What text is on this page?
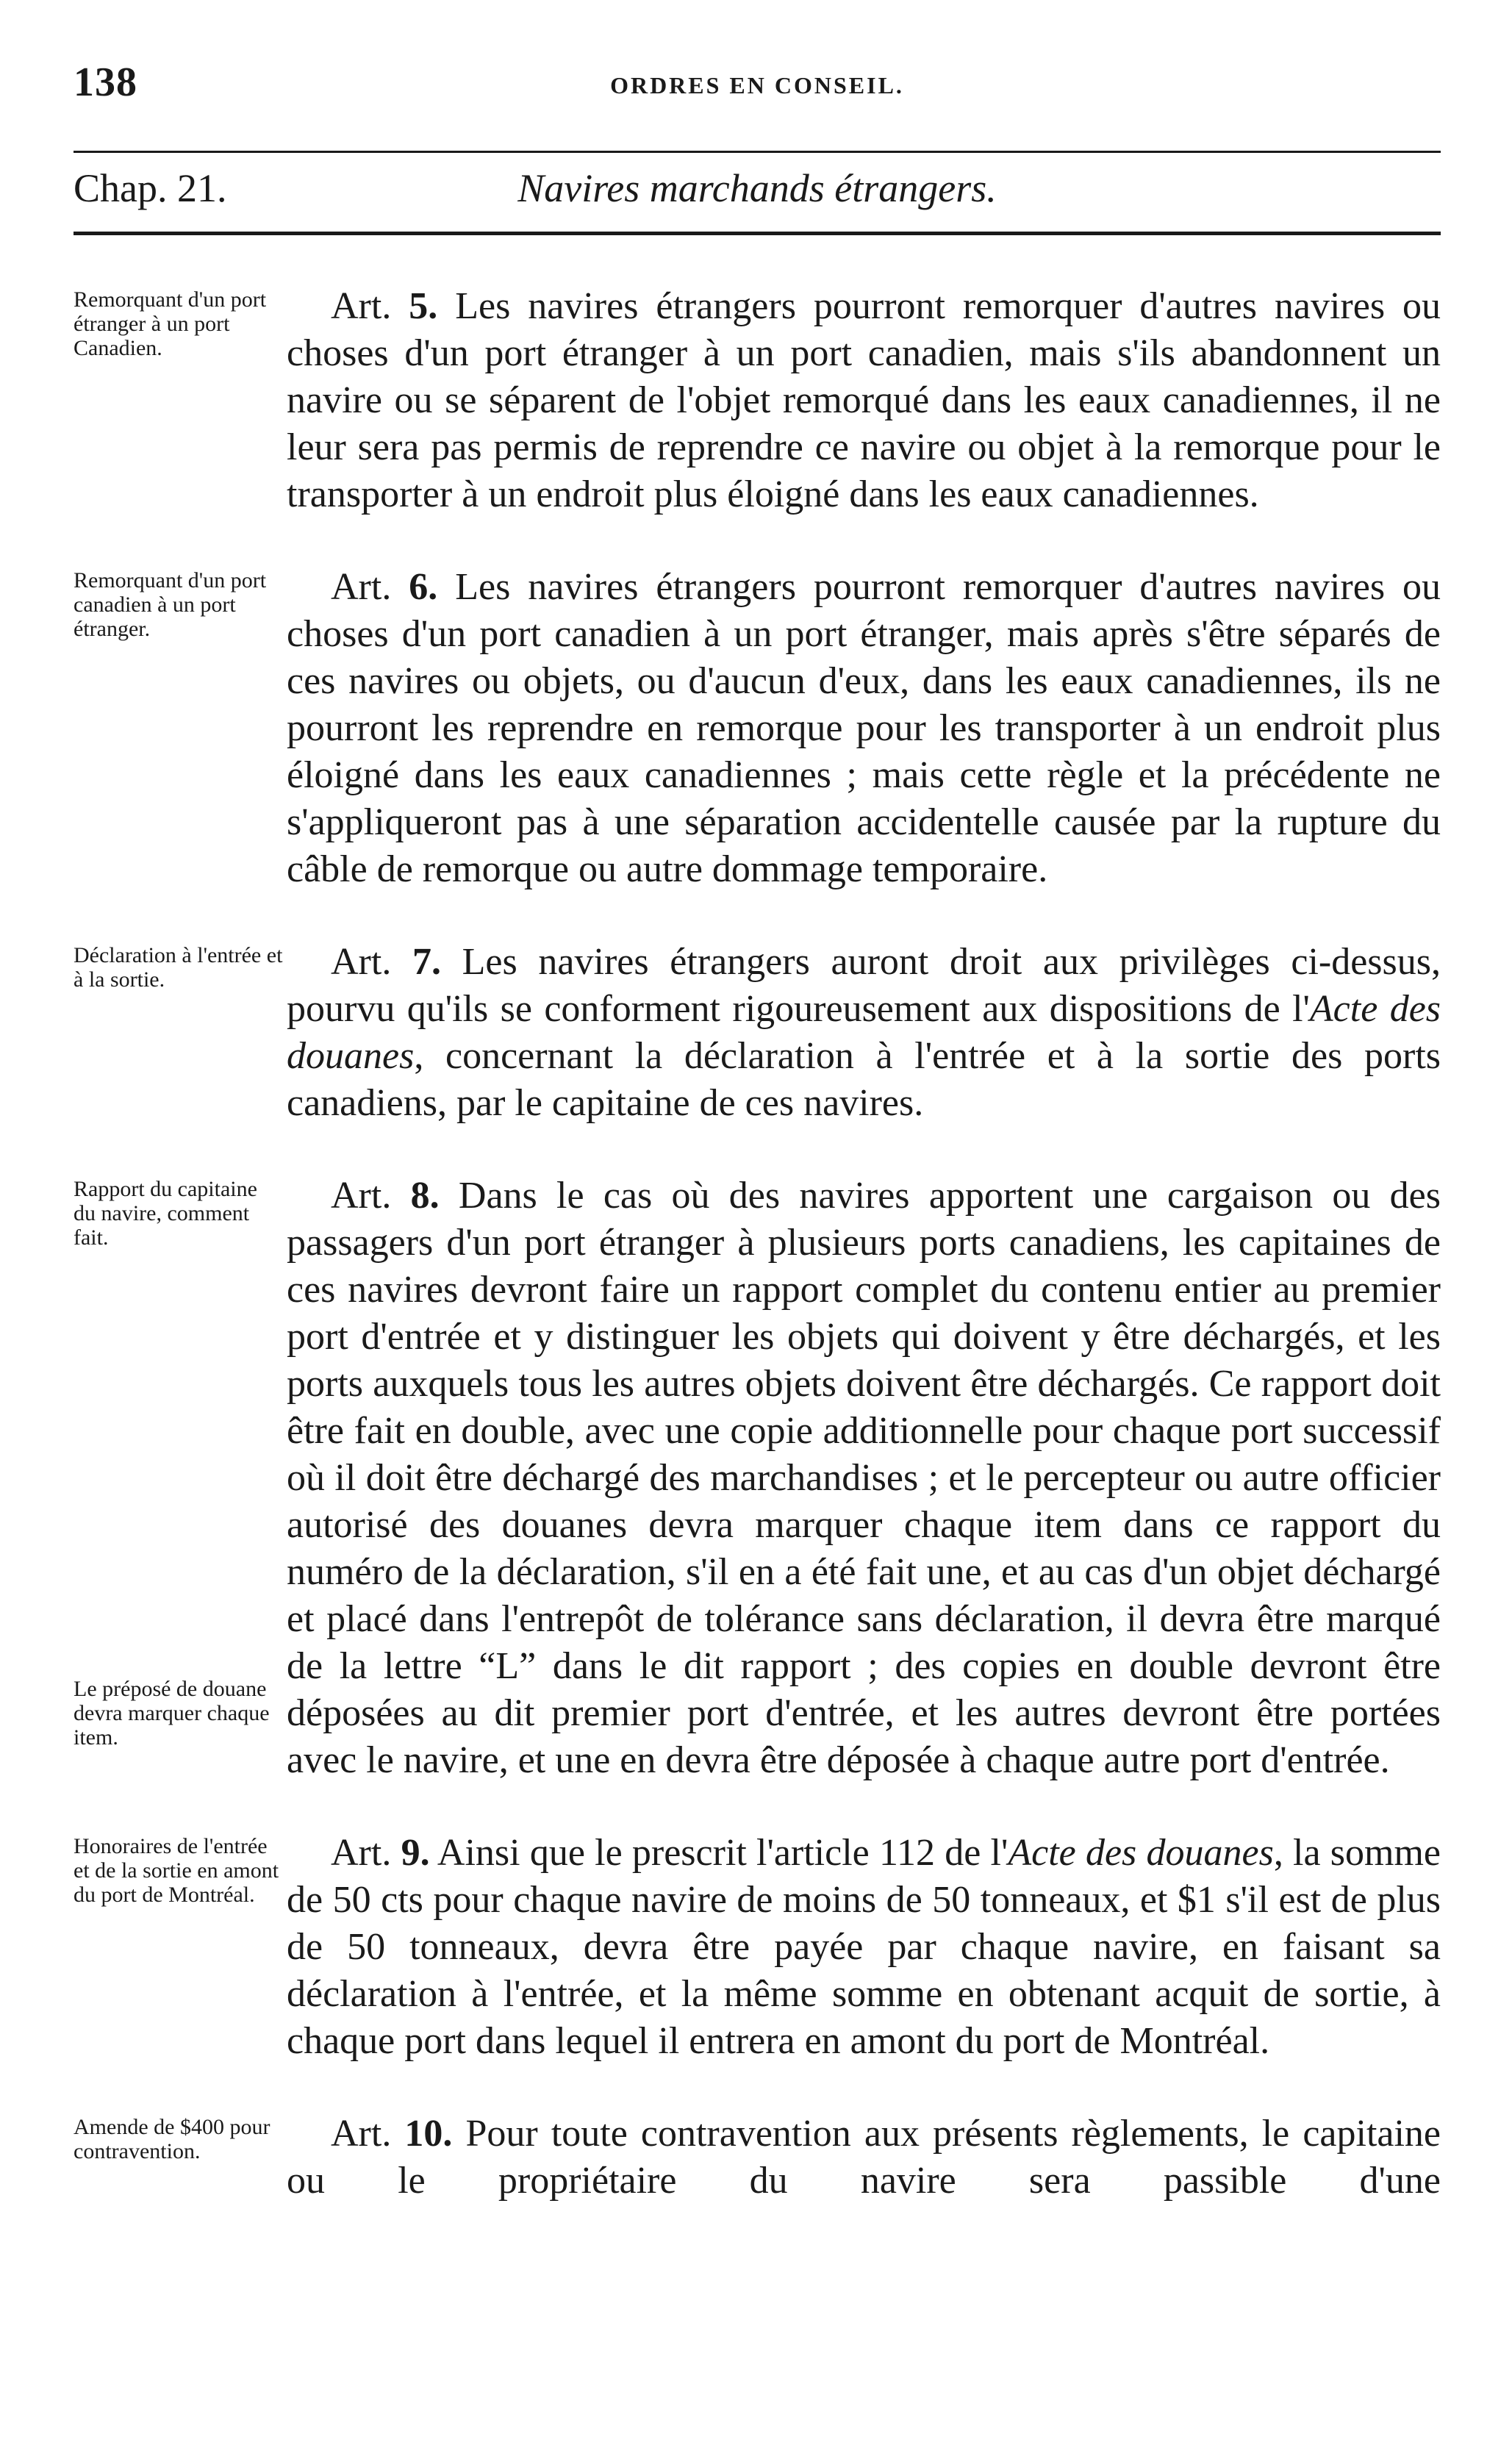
138	ORDRES EN CONSEIL.
Chap. 21.	Navires marchands étrangers.
Remorquant d'un port étranger à un port Canadien.
Art. 5. Les navires étrangers pourront remorquer d'autres navires ou choses d'un port étranger à un port canadien, mais s'ils abandonnent un navire ou se séparent de l'objet remorqué dans les eaux canadiennes, il ne leur sera pas permis de reprendre ce navire ou objet à la remorque pour le transporter à un endroit plus éloigné dans les eaux canadiennes.
Remorquant d'un port canadien à un port étranger.
Art. 6. Les navires étrangers pourront remorquer d'autres navires ou choses d'un port canadien à un port étranger, mais après s'être séparés de ces navires ou objets, ou d'aucun d'eux, dans les eaux canadiennes, ils ne pourront les reprendre en remorque pour les transporter à un endroit plus éloigné dans les eaux canadiennes ; mais cette règle et la précédente ne s'appliqueront pas à une séparation accidentelle causée par la rupture du câble de remorque ou autre dommage temporaire.
Déclaration à l'entrée et à la sortie.	Art. 7. Les navires étrangers auront droit aux privilèges ci-dessus, pourvu qu'ils se conforment rigoureusement aux dispositions de l'Acte des douanes, concernant la déclaration à l'entrée et à la sortie des ports canadiens, par le capitaine de ces navires.
Rapport du capitaine du navire, comment fait.
Le préposé de douane devra marquer chaque item.
Art. 8. Dans le cas où des navires apportent une cargaison ou des passagers d'un port étranger à plusieurs ports canadiens, les capitaines de ces navires devront faire un rapport complet du contenu entier au premier port d'entrée et y distinguer les objets qui doivent y être déchargés, et les ports auxquels tous les autres objets doivent être déchargés. Ce rapport doit être fait en double, avec une copie additionnelle pour chaque port successif où il doit être déchargé des marchandises ; et le percepteur ou autre officier autorisé des douanes devra marquer chaque item dans ce rapport du numéro de la déclaration, s'il en a été fait une, et au cas d'un objet déchargé et placé dans l'entrepôt de tolérance sans déclaration, il devra être marqué de la lettre “L” dans le dit rapport ; des copies en double devront être déposées au dit premier port d'entrée, et les autres devront être portées avec le navire, et une en devra être déposée à chaque autre port d'entrée.
Honoraires de l'entrée et de la sortie en amont du port de Montréal.
Art. 9. Ainsi que le prescrit l'article 112 de l'Acte des douanes, la somme de 50 cts pour chaque navire de moins de 50 tonneaux, et $1 s'il est de plus de 50 tonneaux, devra être payée par chaque navire, en faisant sa déclaration à l'entrée, et la même somme en obtenant acquit de sortie, à chaque port dans lequel il entrera en amont du port de Montréal.
Amende de $400 pour contravention.	Art. 10. Pour toute contravention aux présents règlements, le capitaine ou le propriétaire du navire sera passible d'une
